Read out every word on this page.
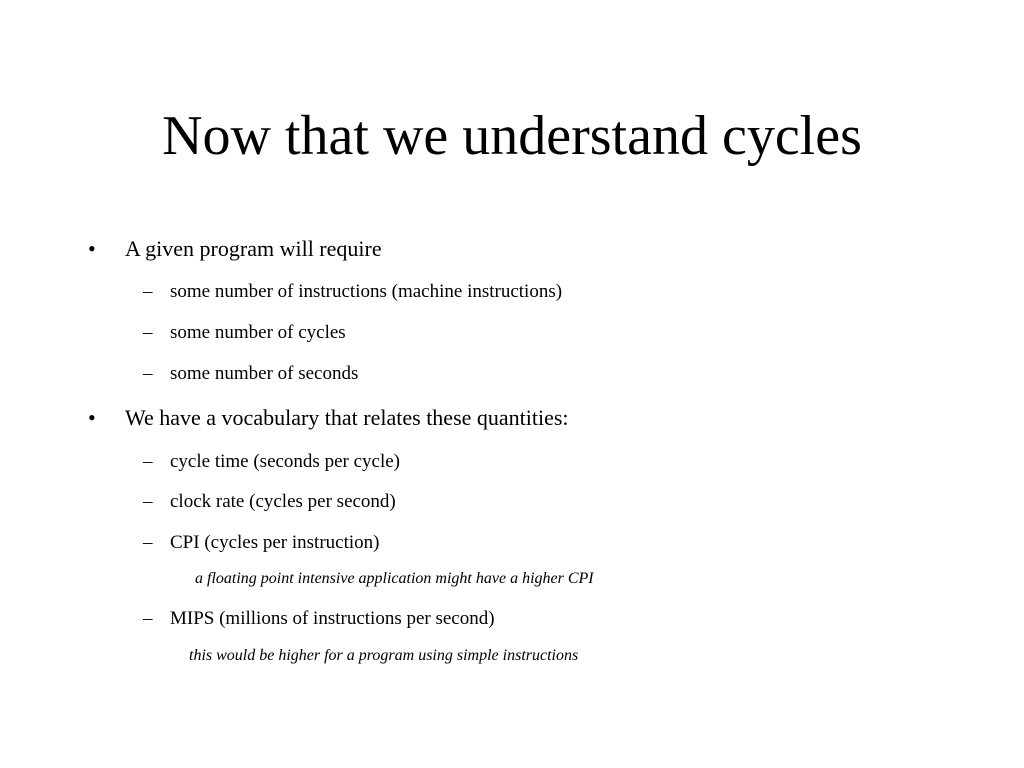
Now that we understand cycles
• A given program will require
– some number of instructions (machine instructions)
– some number of cycles
– some number of seconds
• We have a vocabulary that relates these quantities:
– cycle time (seconds per cycle)
– clock rate (cycles per second)
– CPI (cycles per instruction)
a floating point intensive application might have a higher CPI
– MIPS (millions of instructions per second)
this would be higher for a program using simple instructions
